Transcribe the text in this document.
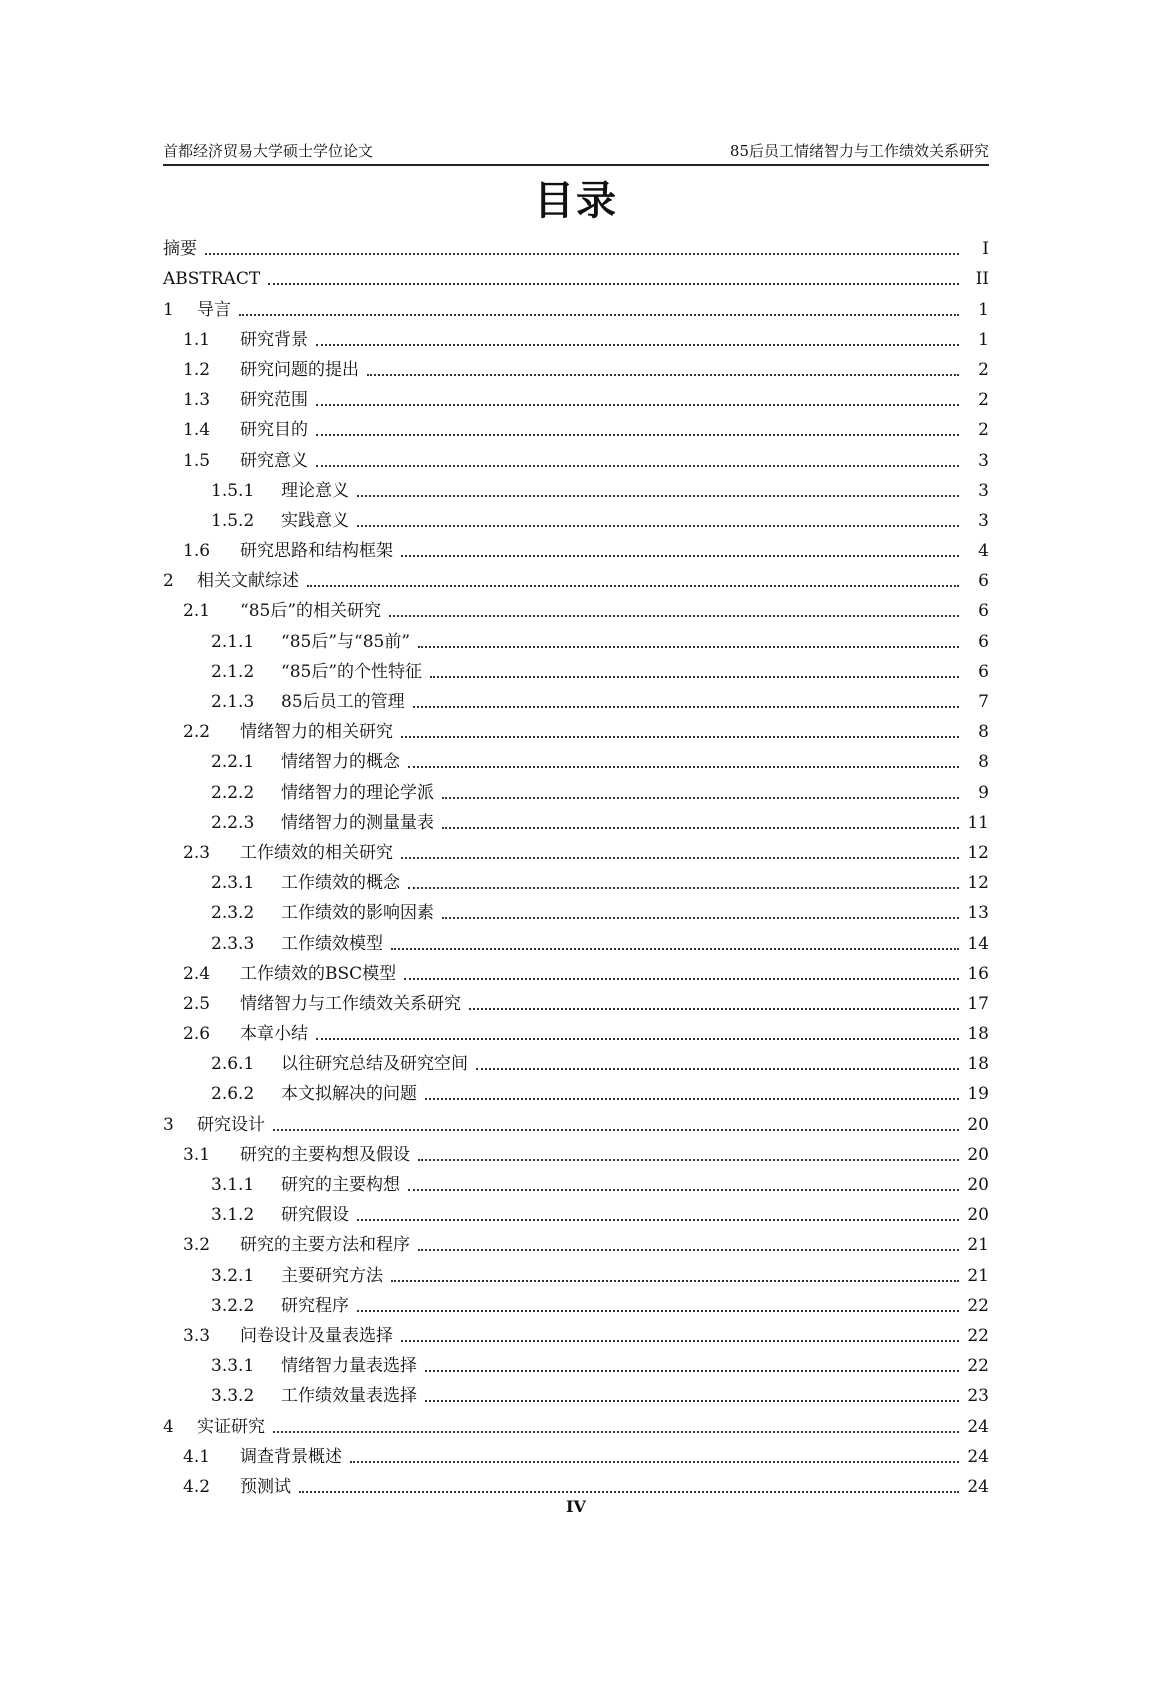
首都经济贸易大学硕士学位论文	85后员工情绪智力与工作绩效关系研究
目录
摘要	I
ABSTRACT	II
1	导言	1
1.1	研究背景	1
1.2	研究问题的提出	2
1.3	研究范围	2
1.4	研究目的	2
1.5	研究意义	3
1.5.1	理论意义	3
1.5.2	实践意义	3
1.6	研究思路和结构框架	4
2	相关文献综述	6
2.1	“85后”的相关研究	6
2.1.1	“85后”与“85前”	6
2.1.2	“85后”的个性特征	6
2.1.3	85后员工的管理	7
2.2	情绪智力的相关研究	8
2.2.1	情绪智力的概念	8
2.2.2	情绪智力的理论学派	9
2.2.3	情绪智力的测量量表	11
2.3	工作绩效的相关研究	12
2.3.1	工作绩效的概念	12
2.3.2	工作绩效的影响因素	13
2.3.3	工作绩效模型	14
2.4	工作绩效的BSC模型	16
2.5	情绪智力与工作绩效关系研究	17
2.6	本章小结	18
2.6.1	以往研究总结及研究空间	18
2.6.2	本文拟解决的问题	19
3	研究设计	20
3.1	研究的主要构想及假设	20
3.1.1	研究的主要构想	20
3.1.2	研究假设	20
3.2	研究的主要方法和程序	21
3.2.1	主要研究方法	21
3.2.2	研究程序	22
3.3	问卷设计及量表选择	22
3.3.1	情绪智力量表选择	22
3.3.2	工作绩效量表选择	23
4	实证研究	24
4.1	调查背景概述	24
4.2	预测试	24
IV
